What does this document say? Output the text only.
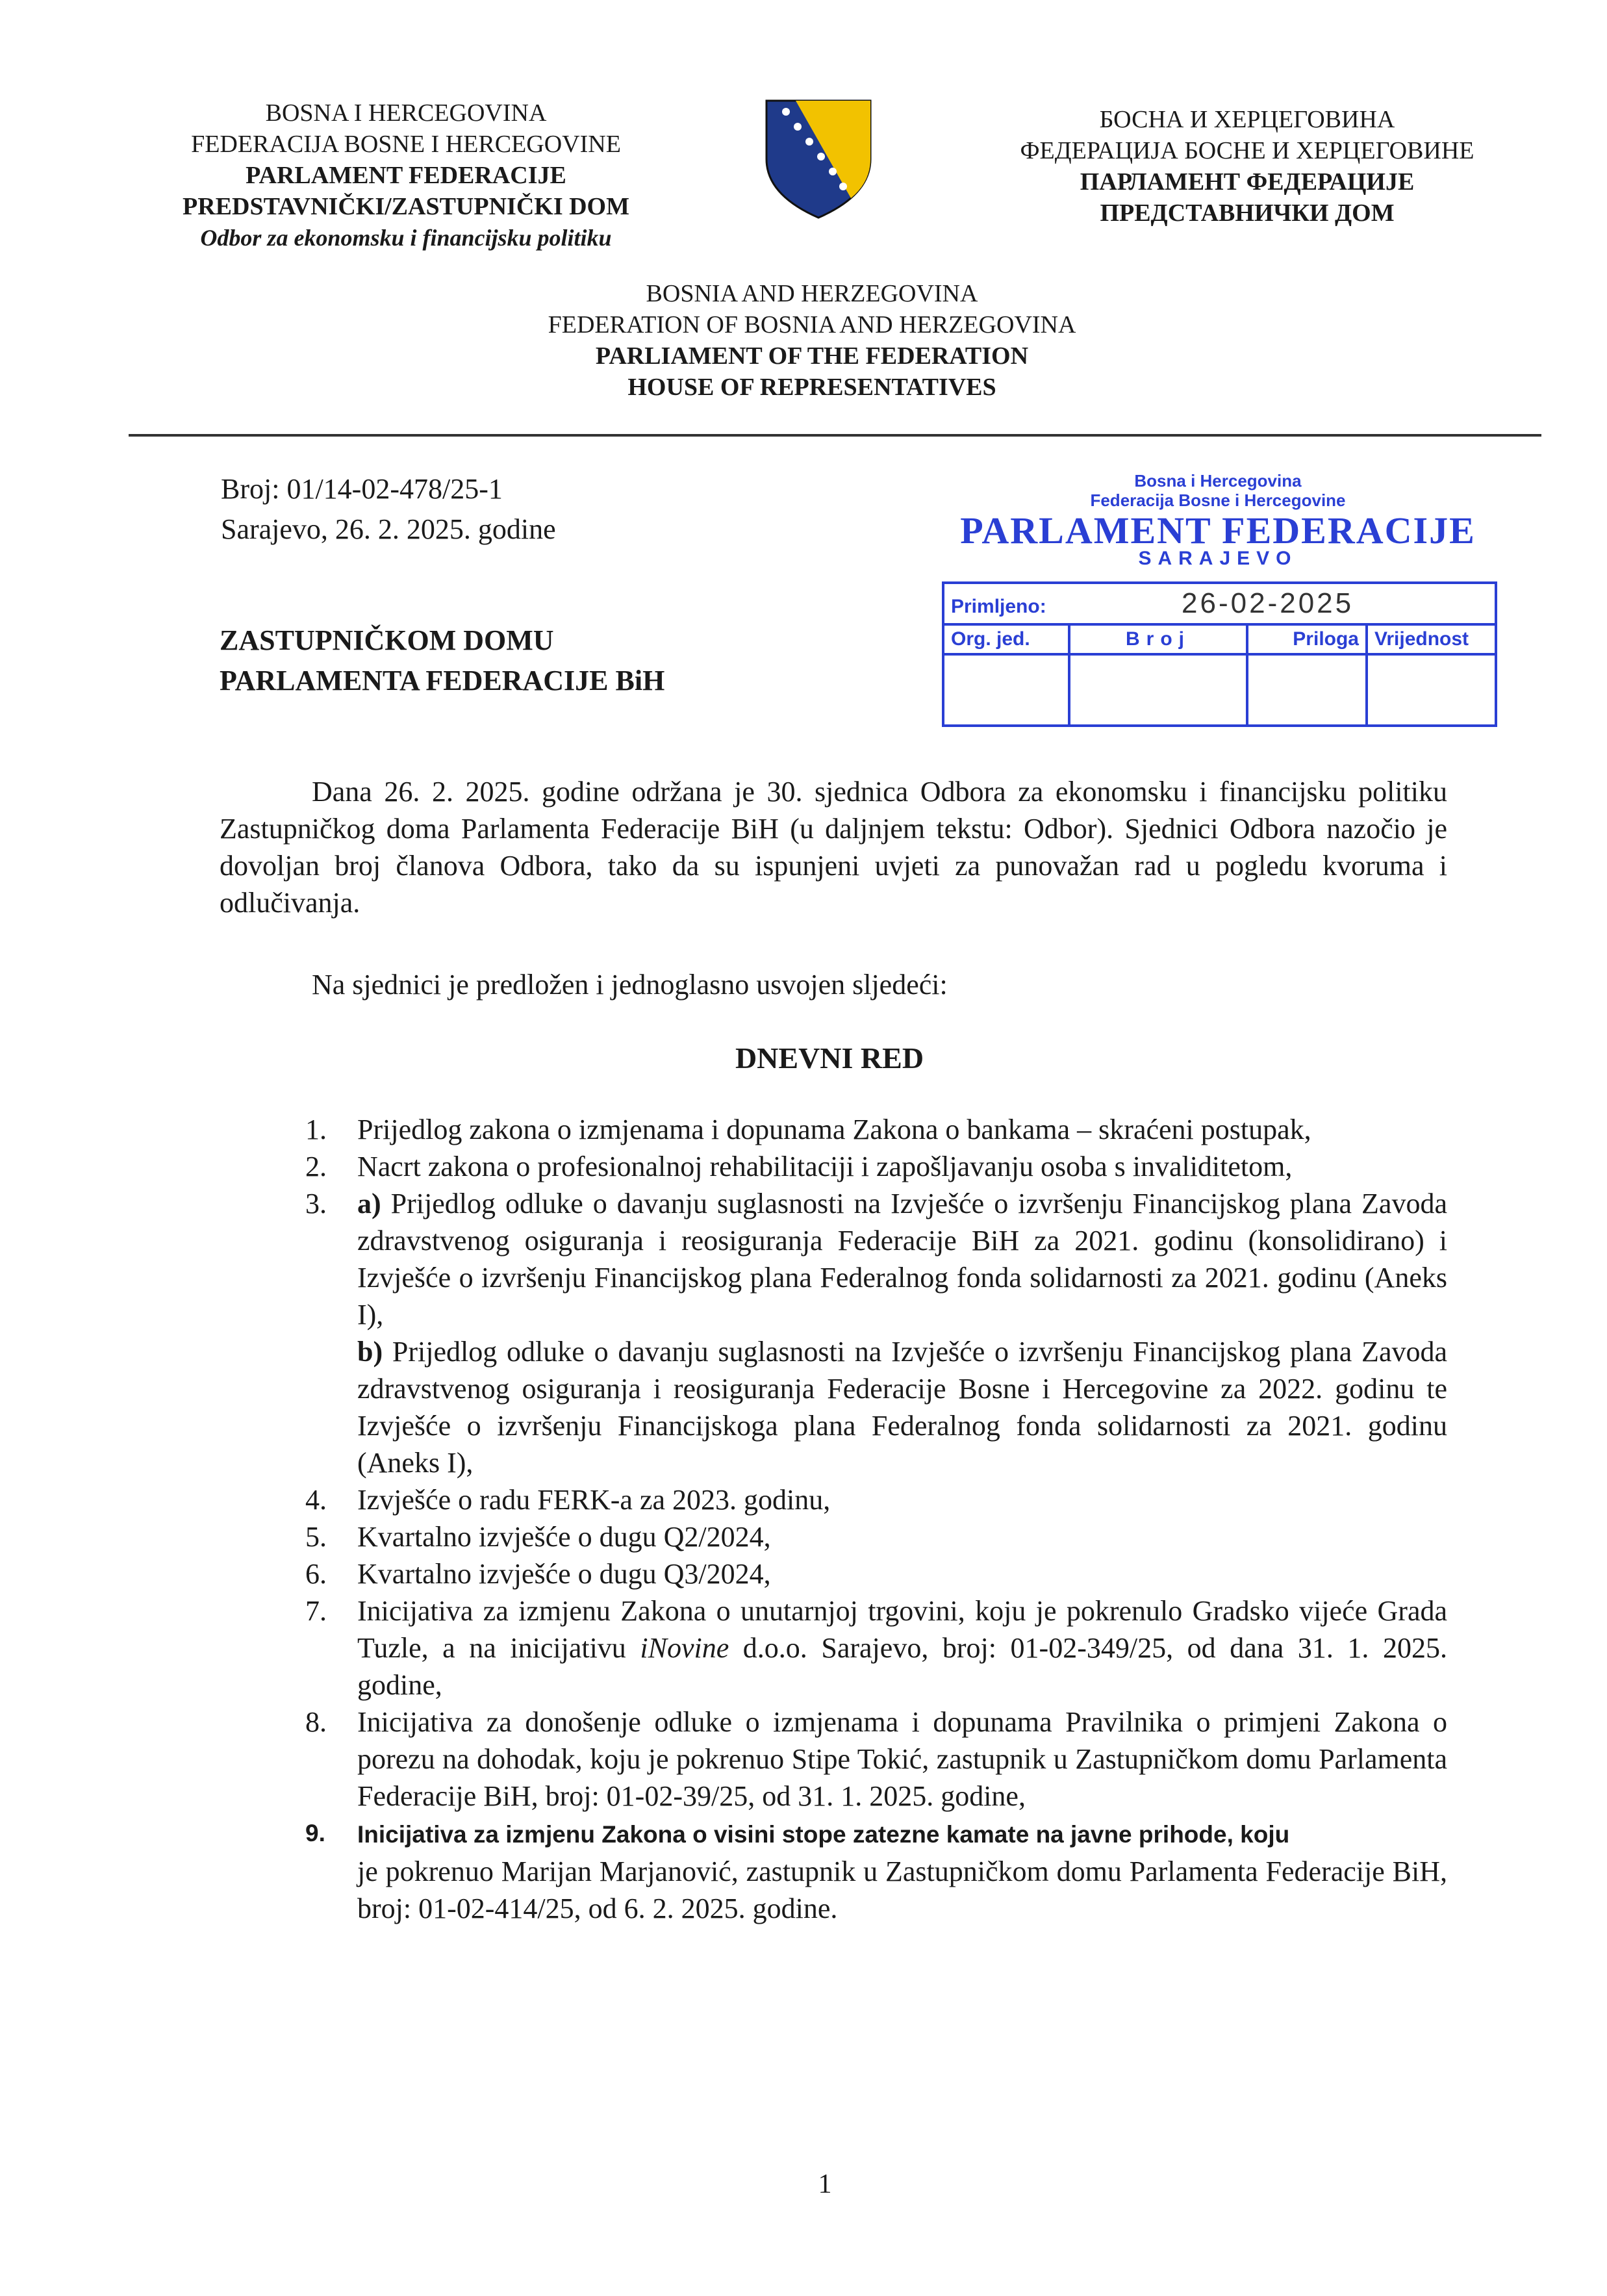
BOSNA I HERCEGOVINA
FEDERACIJA BOSNE I HERCEGOVINE
PARLAMENT FEDERACIJE
PREDSTAVNIČKI/ZASTUPNIČKI DOM
Odbor za ekonomsku i financijsku politiku
БОСНА И ХЕРЦЕГОВИНА
ФЕДЕРАЦИЈА БОСНЕ И ХЕРЦЕГОВИНЕ
ПАРЛАМЕНТ ФЕДЕРАЦИЈЕ
ПРЕДСТАВНИЧКИ ДОМ
BOSNIA AND HERZEGOVINA
FEDERATION OF BOSNIA AND HERZEGOVINA
PARLIAMENT OF THE FEDERATION
HOUSE OF REPRESENTATIVES
Broj: 01/14-02-478/25-1
Sarajevo, 26. 2. 2025. godine
Bosna i Hercegovina
Federacija Bosne i Hercegovine
PARLAMENT FEDERACIJE
SARAJEVO
Primljeno: 26-02-2025			
Org. jed.	Broj	Priloga	Vrijednost

ZASTUPNIČKOM DOMU
PARLAMENTA FEDERACIJE BiH
Dana 26. 2. 2025. godine održana je 30. sjednica Odbora za ekonomsku i financijsku politiku Zastupničkog doma Parlamenta Federacije BiH (u daljnjem tekstu: Odbor). Sjednici Odbora nazočio je dovoljan broj članova Odbora, tako da su ispunjeni uvjeti za punovažan rad u pogledu kvoruma i odlučivanja.
Na sjednici je predložen i jednoglasno usvojen sljedeći:
DNEVNI RED
1. Prijedlog zakona o izmjenama i dopunama Zakona o bankama – skraćeni postupak,
2. Nacrt zakona o profesionalnoj rehabilitaciji i zapošljavanju osoba s invaliditetom,
3. a) Prijedlog odluke o davanju suglasnosti na Izvješće o izvršenju Financijskog plana Zavoda zdravstvenog osiguranja i reosiguranja Federacije BiH za 2021. godinu (konsolidirano) i Izvješće o izvršenju Financijskog plana Federalnog fonda solidarnosti za 2021. godinu (Aneks I),
b) Prijedlog odluke o davanju suglasnosti na Izvješće o izvršenju Financijskog plana Zavoda zdravstvenog osiguranja i reosiguranja Federacije Bosne i Hercegovine za 2022. godinu te Izvješće o izvršenju Financijskoga plana Federalnog fonda solidarnosti za 2021. godinu (Aneks I),
4. Izvješće o radu FERK-a za 2023. godinu,
5. Kvartalno izvješće o dugu Q2/2024,
6. Kvartalno izvješće o dugu Q3/2024,
7. Inicijativa za izmjenu Zakona o unutarnjoj trgovini, koju je pokrenulo Gradsko vijeće Grada Tuzle, a na inicijativu iNovine d.o.o. Sarajevo, broj: 01-02-349/25, od dana 31. 1. 2025. godine,
8. Inicijativa za donošenje odluke o izmjenama i dopunama Pravilnika o primjeni Zakona o porezu na dohodak, koju je pokrenuo Stipe Tokić, zastupnik u Zastupničkom domu Parlamenta Federacije BiH, broj: 01-02-39/25, od 31. 1. 2025. godine,
9. Inicijativa za izmjenu Zakona o visini stope zatezne kamate na javne prihode, koju
je pokrenuo Marijan Marjanović, zastupnik u Zastupničkom domu Parlamenta Federacije BiH, broj: 01-02-414/25, od 6. 2. 2025. godine.
1
